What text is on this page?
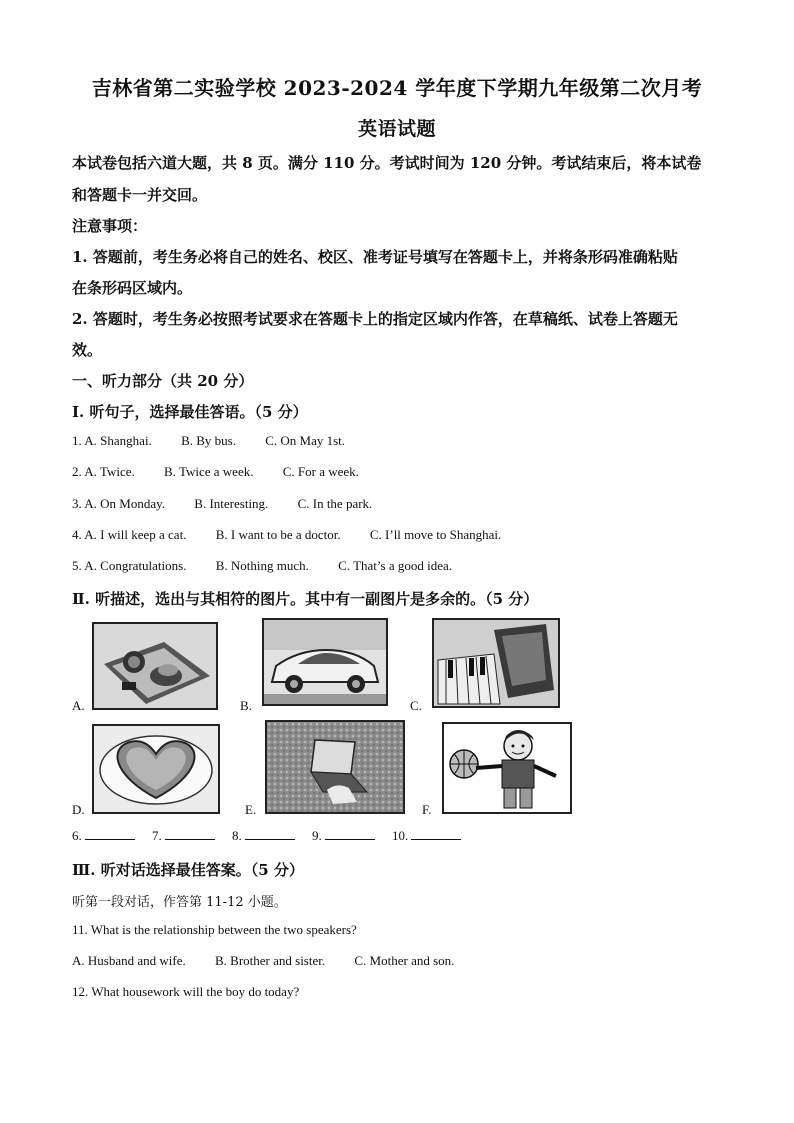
吉林省第二实验学校 2023-2024 学年度下学期九年级第二次月考
英语试题
本试卷包括六道大题，共 8 页。满分 110 分。考试时间为 120 分钟。考试结束后，将本试卷
和答题卡一并交回。
注意事项：
1. 答题前，考生务必将自己的姓名、校区、准考证号填写在答题卡上，并将条形码准确粘贴
在条形码区域内。
2. 答题时，考生务必按照考试要求在答题卡上的指定区域内作答，在草稿纸、试卷上答题无
效。
一、听力部分（共 20 分）
I. 听句子，选择最佳答语。（5 分）
1. A. Shanghai. B. By bus. C. On May 1st.
2. A. Twice. B. Twice a week. C. For a week.
3. A. On Monday. B. Interesting. C. In the park.
4. A. I will keep a cat. B. I want to be a doctor. C. I’ll move to Shanghai.
5. A. Congratulations. B. Nothing much. C. That’s a good idea.
Ⅱ. 听描述，选出与其相符的图片。其中有一副图片是多余的。（5 分）
A.	B.	C.
D.	E.	F.
6.	7.	8.	9.	10.
Ⅲ. 听对话选择最佳答案。（5 分）
听第一段对话，作答第 11-12 小题。
11. What is the relationship between the two speakers?
A. Husband and wife. B. Brother and sister. C. Mother and son.
12. What housework will the boy do today?
